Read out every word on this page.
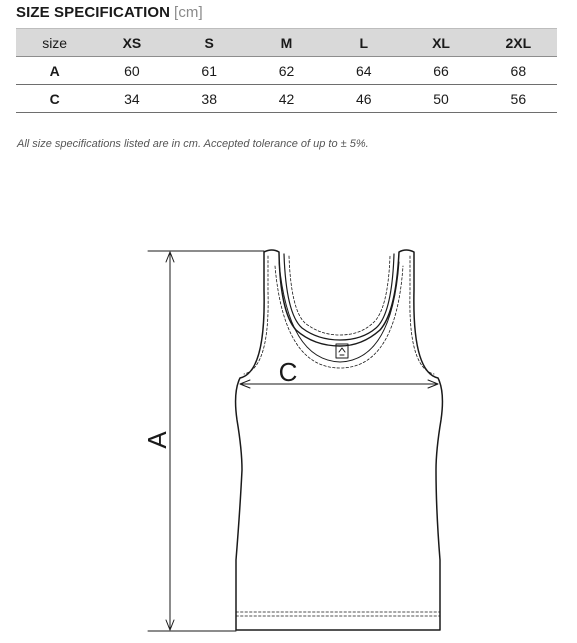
SIZE SPECIFICATION [cm]
size	XS	S	M	L	XL	2XL
A	60	61	62	64	66	68
C	34	38	42	46	50	56
All size specifications listed are in cm. Accepted tolerance of up to ± 5%.
A
C
